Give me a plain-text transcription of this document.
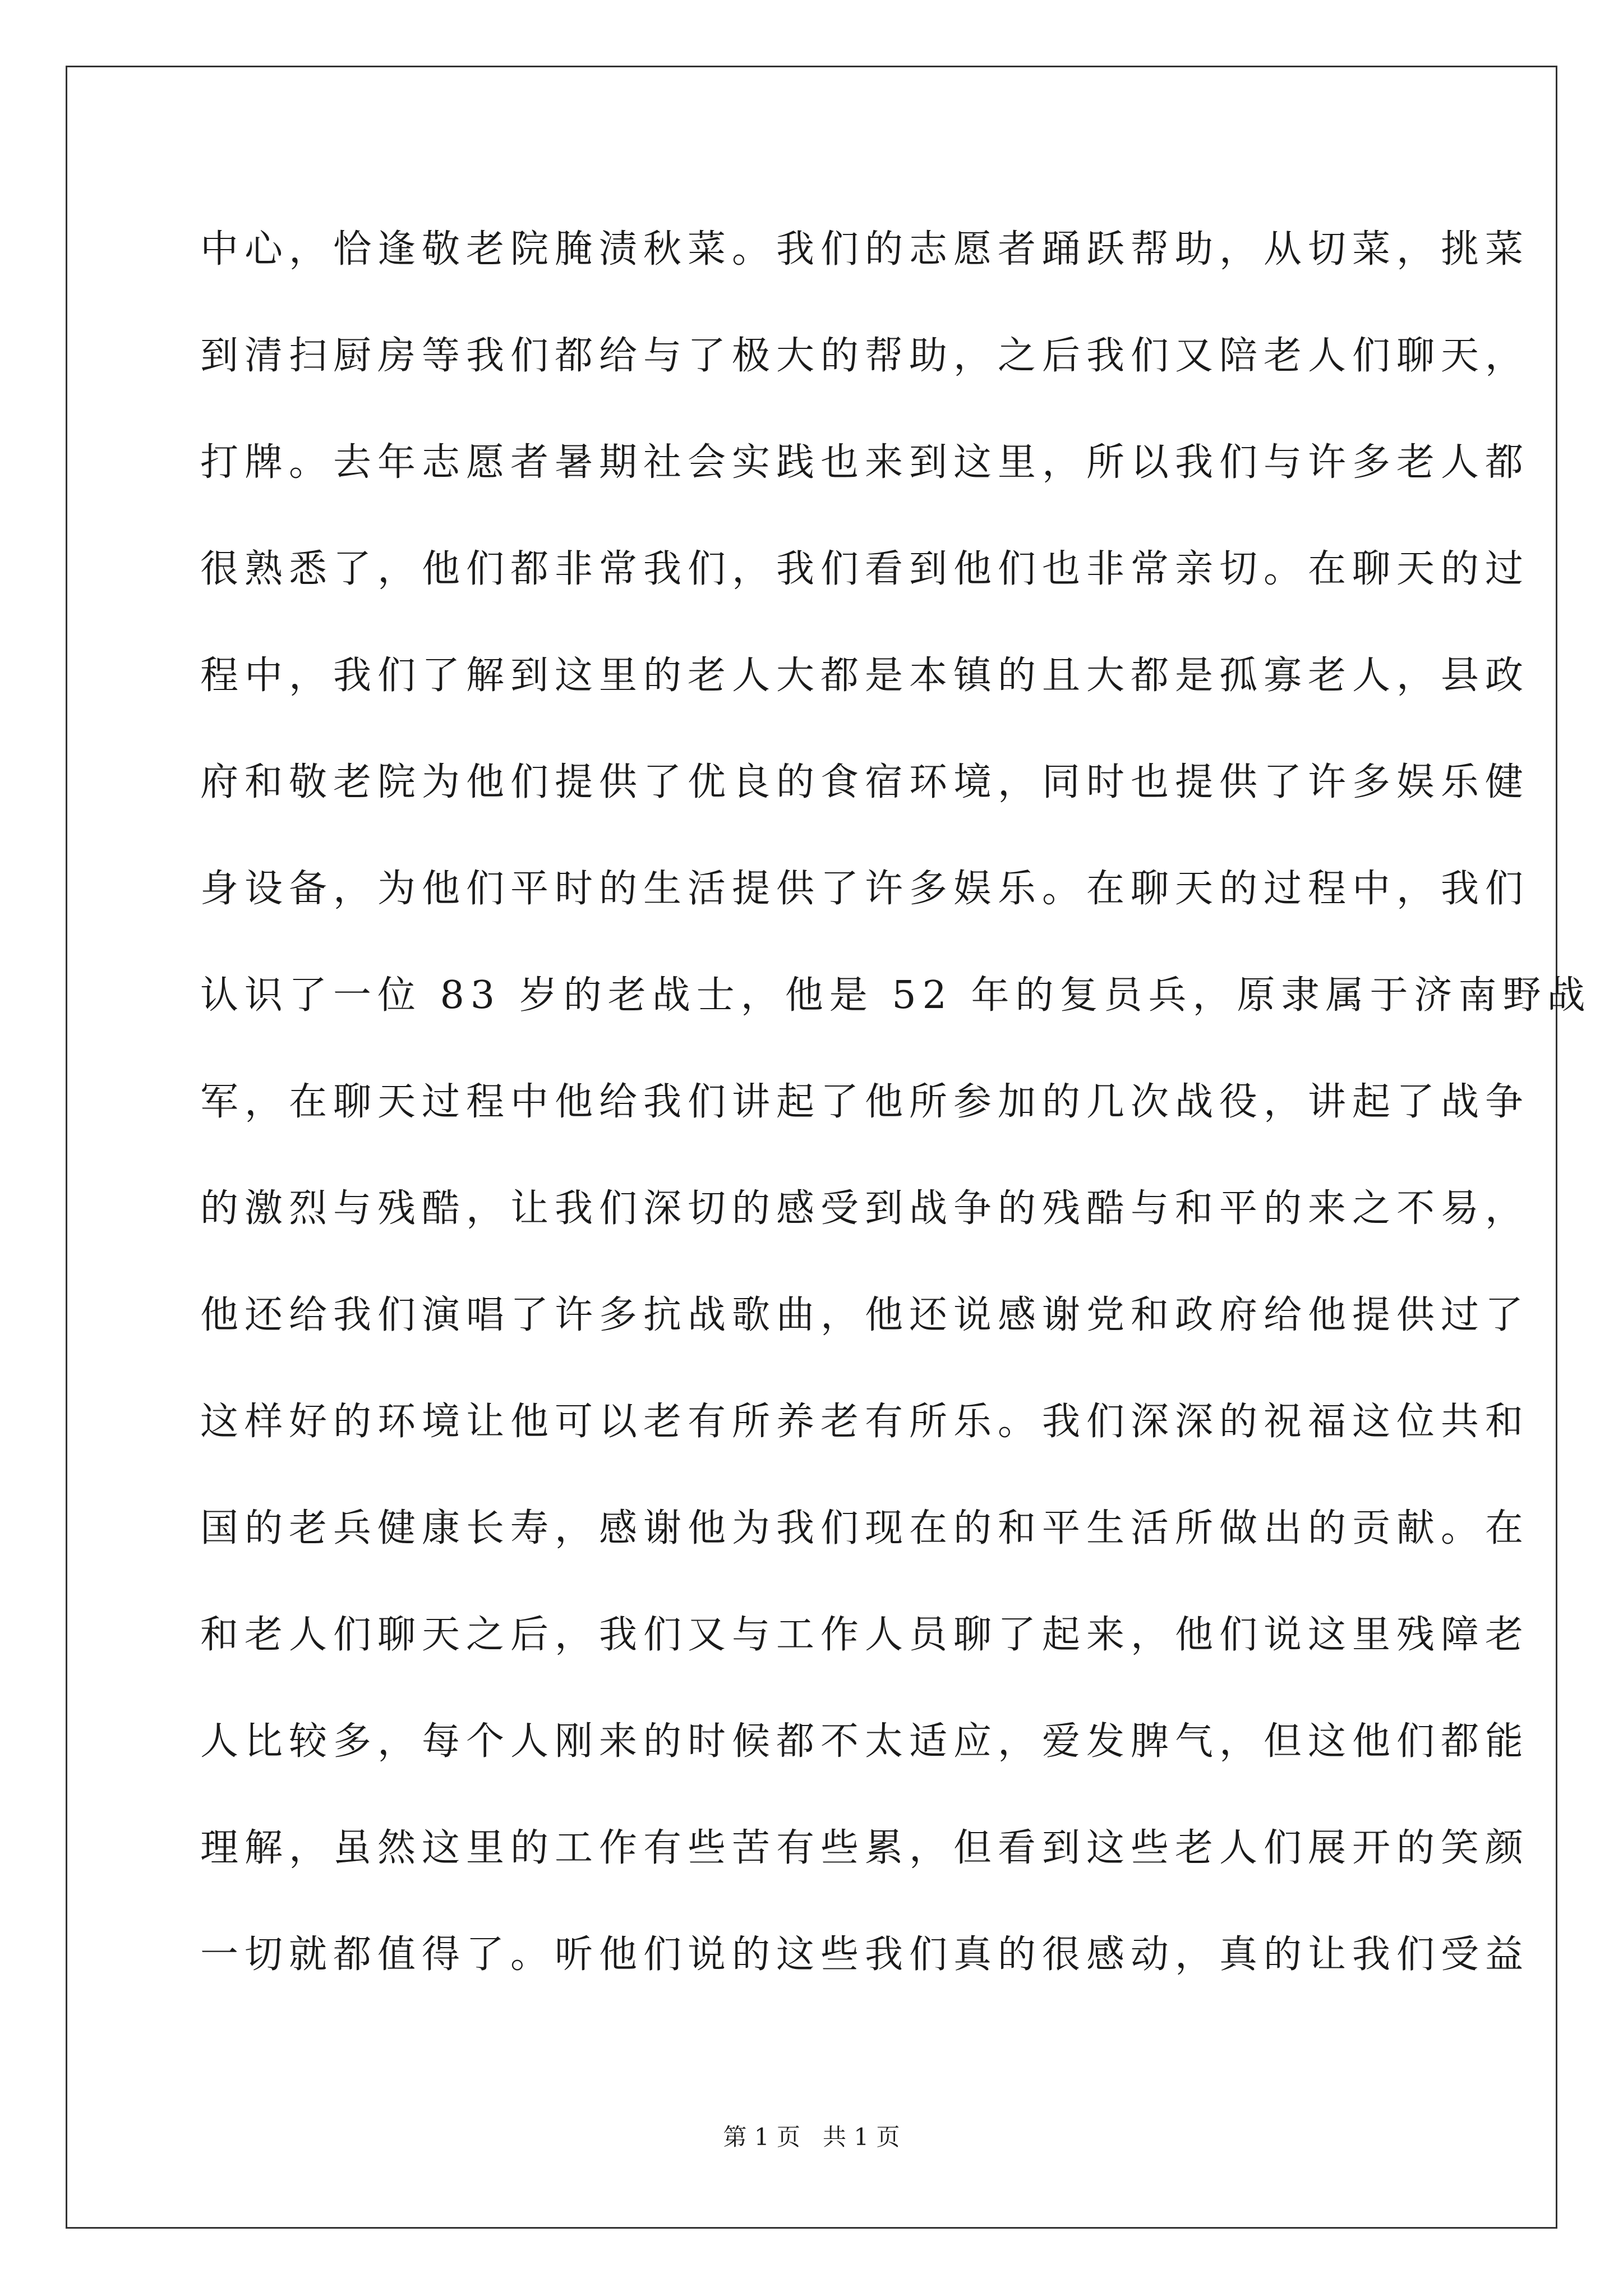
中心，恰逢敬老院腌渍秋菜。我们的志愿者踊跃帮助，从切菜，挑菜
到清扫厨房等我们都给与了极大的帮助，之后我们又陪老人们聊天，
打牌。去年志愿者暑期社会实践也来到这里，所以我们与许多老人都
很熟悉了，他们都非常我们，我们看到他们也非常亲切。在聊天的过
程中，我们了解到这里的老人大都是本镇的且大都是孤寡老人，县政
府和敬老院为他们提供了优良的食宿环境，同时也提供了许多娱乐健
身设备，为他们平时的生活提供了许多娱乐。在聊天的过程中，我们
认识了一位 83 岁的老战士，他是 52 年的复员兵，原隶属于济南野战
军，在聊天过程中他给我们讲起了他所参加的几次战役，讲起了战争
的激烈与残酷，让我们深切的感受到战争的残酷与和平的来之不易，
他还给我们演唱了许多抗战歌曲，他还说感谢党和政府给他提供过了
这样好的环境让他可以老有所养老有所乐。我们深深的祝福这位共和
国的老兵健康长寿，感谢他为我们现在的和平生活所做出的贡献。在
和老人们聊天之后，我们又与工作人员聊了起来，他们说这里残障老
人比较多，每个人刚来的时候都不太适应，爱发脾气，但这他们都能
理解，虽然这里的工作有些苦有些累，但看到这些老人们展开的笑颜
一切就都值得了。听他们说的这些我们真的很感动，真的让我们受益
第 1 页   共 1 页
